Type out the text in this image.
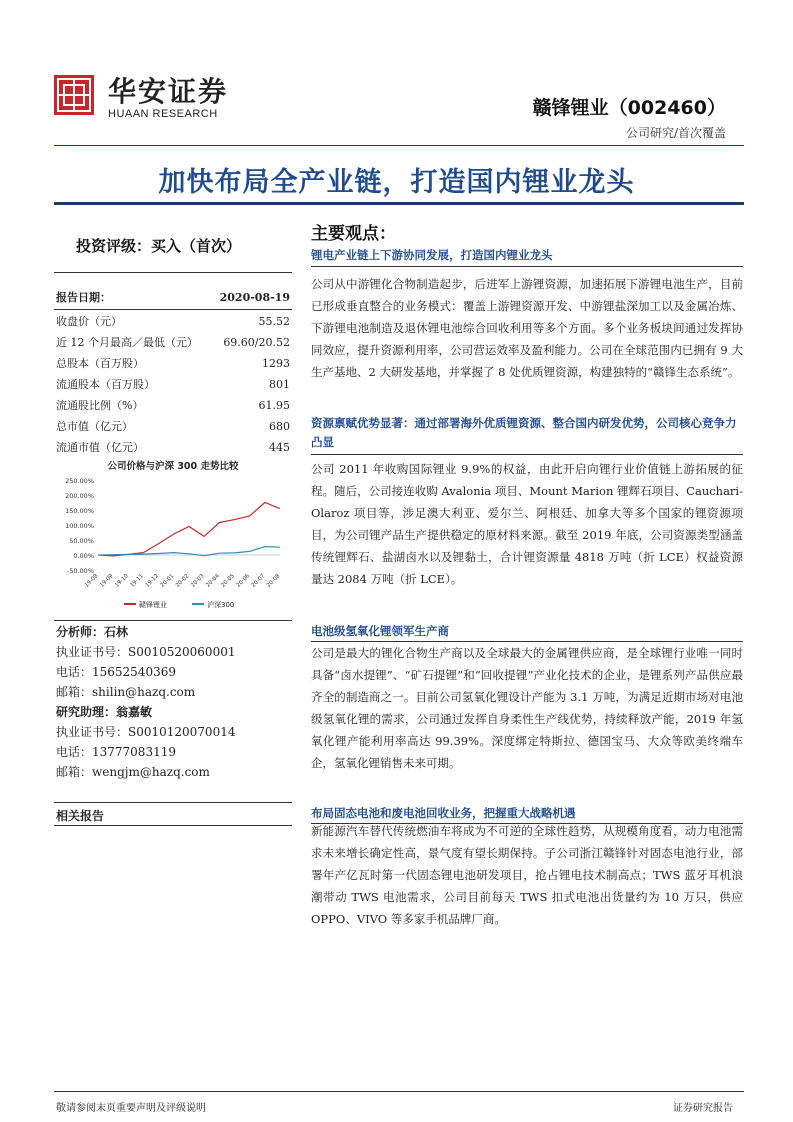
华安证券
HUAAN RESEARCH	赣锋锂业（002460）
公司研究/首次覆盖
加快布局全产业链，打造国内锂业龙头
投资评级：买入（首次）
报告日期：	2020-08-19
收盘价（元）	55.52
近 12 个月最高／最低（元） 69.60/20.52
总股本（百万股）	1293
流通股本（百万股）	801
流通股比例（%）	61.95
总市值（亿元）	680
流通市值（亿元）	445
公司价格与沪深 300 走势比较
250.00%
200.00%
150.00%
100.00%
50.00%
0.00%
-50.00%
19-08 19-09 19-10 19-11 19-12 20-01 20-02 20-03 20-04 20-05 20-06 20-07 20-08
赣锋锂业	沪深300
分析师：石林
执业证书号：S0010520060001
电话：15652540369
邮箱：shilin@hazq.com
研究助理：翁嘉敏
执业证书号：S0010120070014
电话：13777083119
邮箱：wengjm@hazq.com
相关报告
主要观点：
锂电产业链上下游协同发展，打造国内锂业龙头
公司从中游锂化合物制造起步，后进军上游锂资源，加速拓展下游锂电池生产，目前已形成垂直整合的业务模式：覆盖上游锂资源开发、中游锂盐深加工以及金属冶炼、下游锂电池制造及退休锂电池综合回收利用等多个方面。多个业务板块间通过发挥协同效应，提升资源利用率，公司营运效率及盈利能力。公司在全球范围内已拥有 9 大生产基地、2 大研发基地，并掌握了 8 处优质锂资源，构建独特的“赣锋生态系统”。
资源禀赋优势显著：通过部署海外优质锂资源、整合国内研发优势，公司核心竞争力凸显
公司 2011 年收购国际锂业 9.9%的权益，由此开启向锂行业价值链上游拓展的征程。随后，公司接连收购 Avalonia 项目、Mount Marion 锂辉石项目、Cauchari-Olaroz 项目等，涉足澳大利亚、爱尔兰、阿根廷、加拿大等多个国家的锂资源项目，为公司锂产品生产提供稳定的原材料来源。截至 2019 年底，公司资源类型涵盖传统锂辉石、盐湖卤水以及锂黏土，合计锂资源量 4818 万吨（折 LCE）权益资源量达 2084 万吨（折 LCE）。
电池级氢氧化锂领军生产商
公司是最大的锂化合物生产商以及全球最大的金属锂供应商，是全球锂行业唯一同时具备“卤水提锂”、“矿石提锂”和“回收提锂”产业化技术的企业，是锂系列产品供应最齐全的制造商之一。目前公司氢氧化锂设计产能为 3.1 万吨，为满足近期市场对电池级氢氧化锂的需求，公司通过发挥自身柔性生产线优势，持续释放产能，2019 年氢氧化锂产能利用率高达 99.39%。深度绑定特斯拉、德国宝马、大众等欧美终端车企，氢氧化锂销售未来可期。
布局固态电池和废电池回收业务，把握重大战略机遇
新能源汽车替代传统燃油车将成为不可逆的全球性趋势，从规模角度看，动力电池需求未来增长确定性高，景气度有望长期保持。子公司浙江赣锋针对固态电池行业，部署年产亿瓦时第一代固态锂电池研发项目，抢占锂电技术制高点；TWS 蓝牙耳机浪潮带动 TWS 电池需求，公司目前每天 TWS 扣式电池出货量约为 10 万只，供应 OPPO、VIVO 等多家手机品牌厂商。
敬请参阅末页重要声明及评级说明	证券研究报告
